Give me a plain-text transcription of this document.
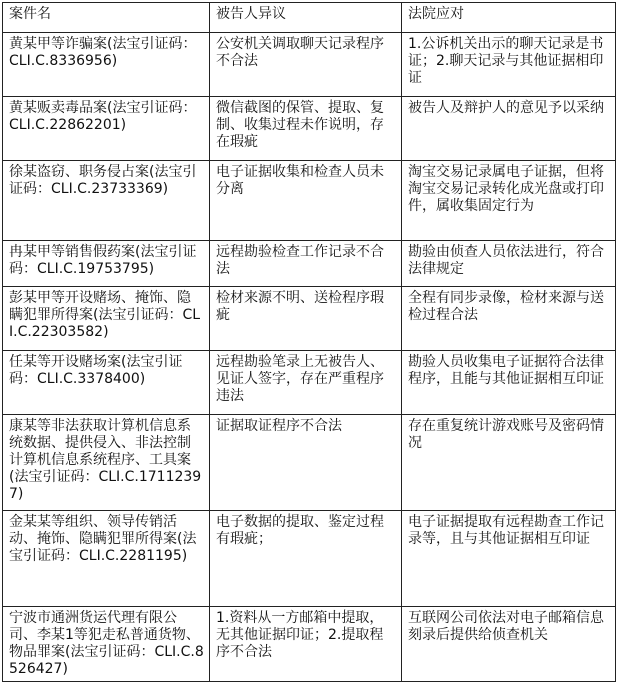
案件名	被告人异议	法院应对
黄某甲等诈骗案(法宝引证码：CLI.C.8336956)	公安机关调取聊天记录程序不合法	1.公诉机关出示的聊天记录是书证；2.聊天记录与其他证据相印证
黄某贩卖毒品案(法宝引证码：CLI.C.22862201)	微信截图的保管、提取、复制、收集过程未作说明，存在瑕疵	被告人及辩护人的意见予以采纳
徐某盗窃、职务侵占案(法宝引证码：CLI.C.23733369)	电子证据收集和检查人员未分离	淘宝交易记录属电子证据，但将淘宝交易记录转化成光盘或打印件，属收集固定行为
冉某甲等销售假药案(法宝引证码：CLI.C.19753795)	远程勘验检查工作记录不合法	勘验由侦查人员依法进行，符合法律规定
彭某甲等开设赌场、掩饰、隐瞒犯罪所得案(法宝引证码：CLI.C.22303582)	检材来源不明、送检程序瑕疵	全程有同步录像，检材来源与送检过程合法
任某等开设赌场案(法宝引证码：CLI.C.3378400)	远程勘验笔录上无被告人、见证人签字，存在严重程序违法	勘验人员收集电子证据符合法律程序，且能与其他证据相互印证
康某等非法获取计算机信息系统数据、提供侵入、非法控制计算机信息系统程序、工具案(法宝引证码：CLI.C.17112397)	证据取证程序不合法	存在重复统计游戏账号及密码情况
金某某等组织、领导传销活动、掩饰、隐瞒犯罪所得案(法宝引证码：CLI.C.2281195)	电子数据的提取、鉴定过程有瑕疵；	电子证据提取有远程勘查工作记录等，且与其他证据相互印证
宁波市通洲货运代理有限公司、李某1等犯走私普通货物、物品罪案(法宝引证码：CLI.C.8526427)	1.资料从一方邮箱中提取，无其他证据印证；2.提取程序不合法	互联网公司依法对电子邮箱信息刻录后提供给侦查机关
